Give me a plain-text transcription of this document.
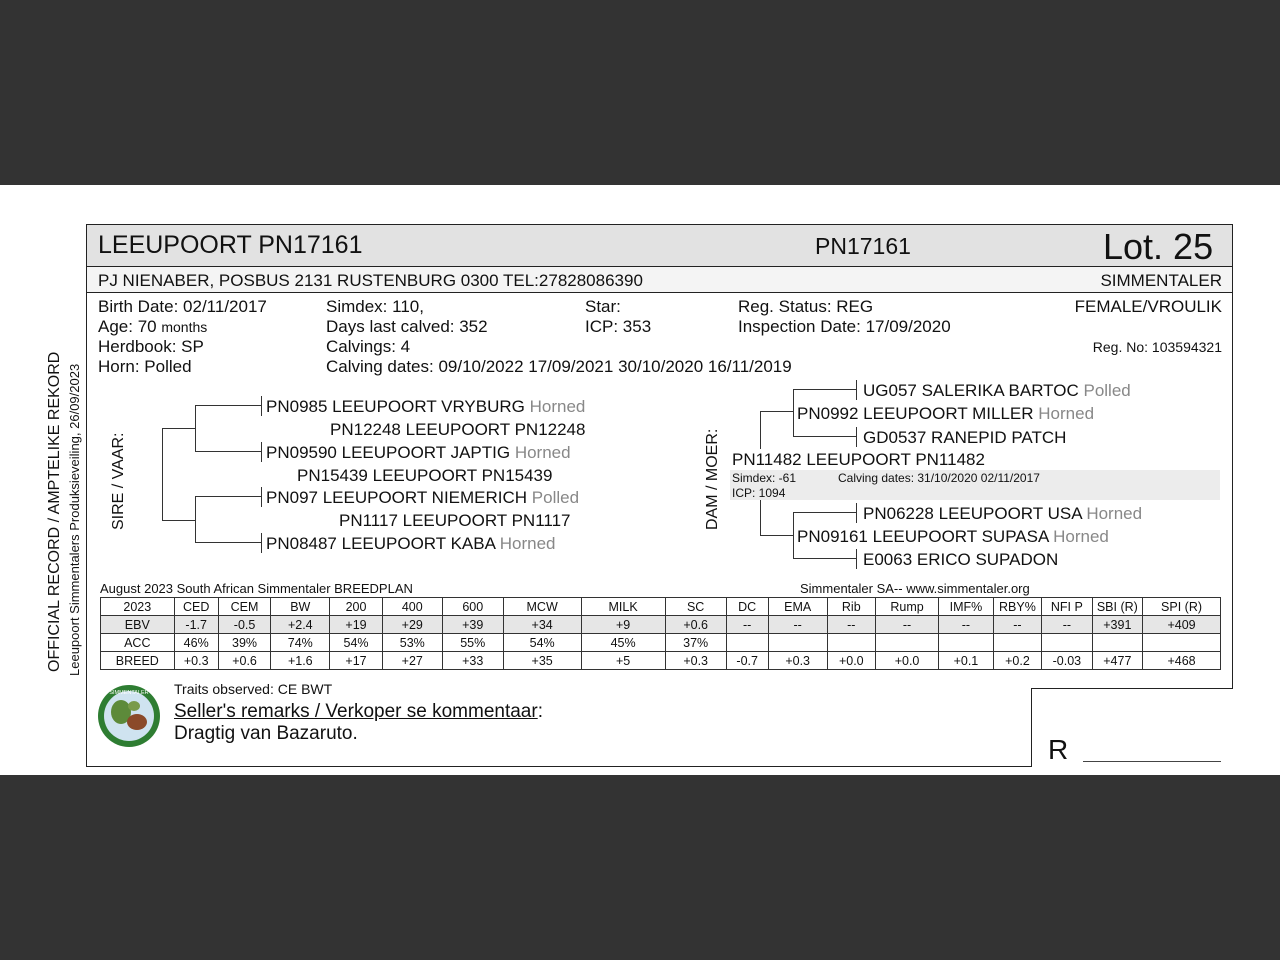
OFFICIAL RECORD / AMPTELIKE REKORD Leeupoort Simmentalers Produksieveiling, 26/09/2023
LEEUPOORT PN17161	PN17161	Lot. 25
PJ NIENABER, POSBUS 2131 RUSTENBURG 0300 TEL:27828086390	SIMMENTALER
Birth Date: 02/11/2017
Age: 70 months
Herdbook: SP
Horn: Polled
Simdex: 110,
Days last calved: 352
Calvings: 4
Calving dates: 09/10/2022 17/09/2021 30/10/2020 16/11/2019
Star:
ICP: 353
Reg. Status: REG
Inspection Date: 17/09/2020
FEMALE/VROULIK
Reg. No: 103594321
SIRE / VAAR:
PN0985 LEEUPOORT VRYBURG Horned
PN12248 LEEUPOORT PN12248
PN09590 LEEUPOORT JAPTIG Horned
PN15439 LEEUPOORT PN15439
PN097 LEEUPOORT NIEMERICH Polled
PN1117 LEEUPOORT PN1117
PN08487 LEEUPOORT KABA Horned
DAM / MOER:
UG057 SALERIKA BARTOC Polled
PN0992 LEEUPOORT MILLER Horned
GD0537 RANEPID PATCH
PN11482 LEEUPOORT PN11482
Simdex: -61	Calving dates: 31/10/2020 02/11/2017
ICP: 1094
PN06228 LEEUPOORT USA Horned
PN09161 LEEUPOORT SUPASA Horned
E0063 ERICO SUPADON
August 2023 South African Simmentaler BREEDPLAN	Simmentaler SA-- www.simmentaler.org
2023	CED	CEM	BW	200	400	600	MCW	MILK	SC	DC	EMA	Rib	Rump	IMF%	RBY%	NFI P	SBI (R)	SPI (R)
EBV	-1.7	-0.5	+2.4	+19	+29	+39	+34	+9	+0.6	--	--	--	--	--	--	--	+391	+409
ACC	46%	39%	74%	54%	53%	55%	54%	45%	37%									
BREED	+0.3	+0.6	+1.6	+17	+27	+33	+35	+5	+0.3	-0.7	+0.3	+0.0	+0.0	+0.1	+0.2	-0.03	+477	+468
R
SIMMENTALER Traits observed: CE BWT
Seller's remarks / Verkoper se kommentaar:
Dragtig van Bazaruto.
